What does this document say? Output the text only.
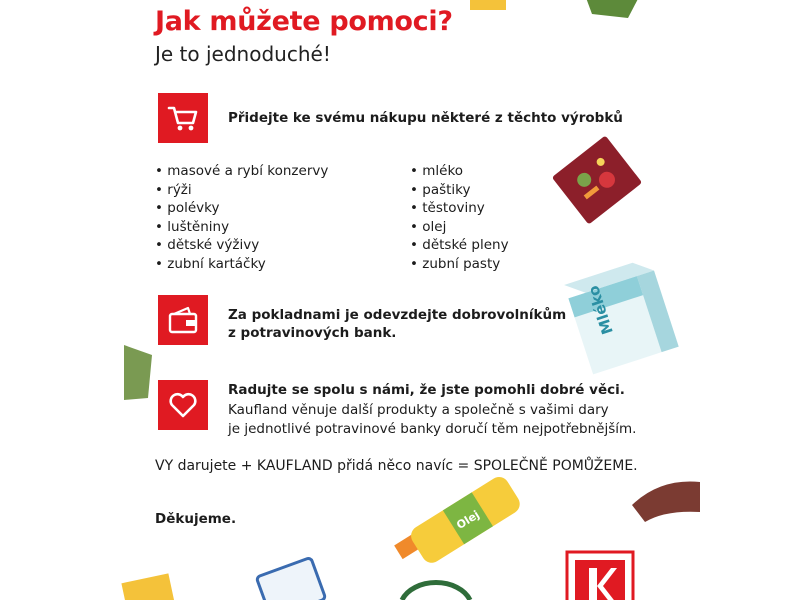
Mléko
Olej
Jak můžete pomoci?
Je to jednoduché!
Přidejte ke svému nákupu některé z těchto výrobků
• masové a rybí konzervy
• rýži
• polévky
• luštěniny
• dětské výživy
• zubní kartáčky
• mléko
• paštiky
• těstoviny
• olej
• dětské pleny
• zubní pasty
Za pokladnami je odevzdejte dobrovolníkům
z potravinových bank.
Radujte se spolu s námi, že jste pomohli dobré věci.
Kaufland věnuje další produkty a společně s vašimi dary
je jednotlivé potravinové banky doručí těm nejpotřebnějším.
VY darujete + KAUFLAND přidá něco navíc = SPOLEČNĚ POMŮŽEME.
Děkujeme.
